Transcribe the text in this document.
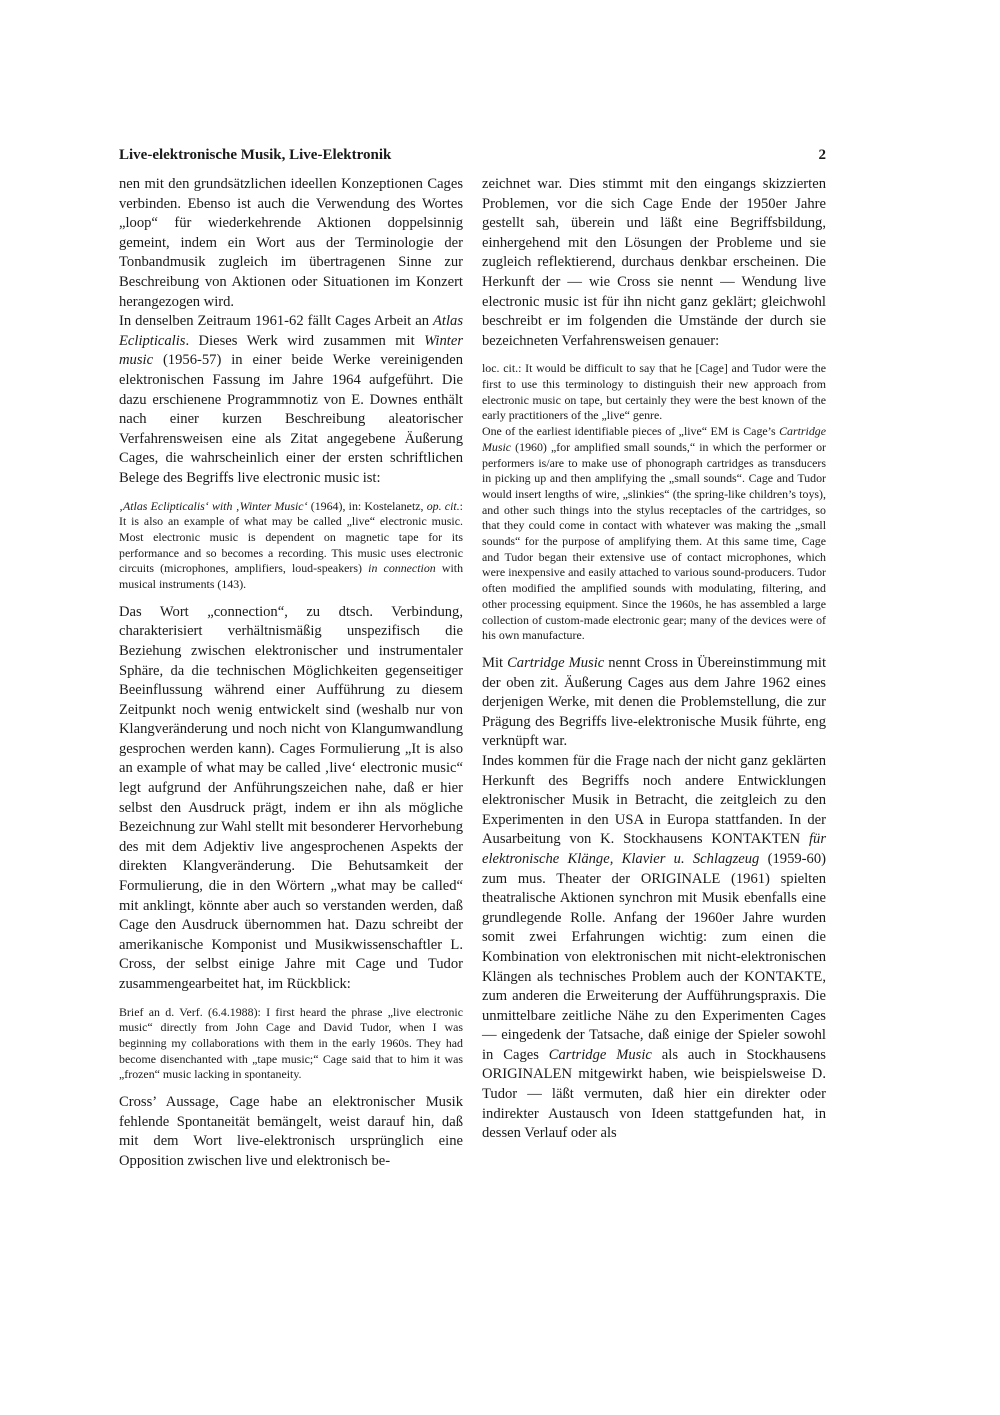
Live-elektronische Musik, Live-Elektronik	2

nen mit den grundsätzlichen ideellen Konzeptionen Cages verbinden. Ebenso ist auch die Verwendung des Wortes „loop“ für wiederkehrende Aktionen doppelsinnig gemeint, indem ein Wort aus der Terminologie der Tonbandmusik zugleich im übertragenen Sinne zur Beschreibung von Aktionen oder Situationen im Konzert herangezogen wird.

In denselben Zeitraum 1961-62 fällt Cages Arbeit an Atlas Eclipticalis. Dieses Werk wird zusammen mit Winter music (1956-57) in einer beide Werke vereinigenden elektronischen Fassung im Jahre 1964 aufgeführt. Die dazu erschienene Programmnotiz von E. Downes enthält nach einer kurzen Beschreibung aleatorischer Verfahrensweisen eine als Zitat angegebene Äußerung Cages, die wahrscheinlich einer der ersten schriftlichen Belege des Begriffs live electronic music ist:

‚Atlas Eclipticalis‘ with ‚Winter Music‘ (1964), in: Kostelanetz, op. cit.: It is also an example of what may be called „live“ electronic music. Most electronic music is dependent on magnetic tape for its performance and so becomes a recording. This music uses electronic circuits (microphones, amplifiers, loud-speakers) in connection with musical instruments (143).

Das Wort „connection“, zu dtsch. Verbindung, charakterisiert verhältnismäßig unspezifisch die Beziehung zwischen elektronischer und instrumentaler Sphäre, da die technischen Möglichkeiten gegenseitiger Beeinflussung während einer Aufführung zu diesem Zeitpunkt noch wenig entwickelt sind (weshalb nur von Klangveränderung und noch nicht von Klangumwandlung gesprochen werden kann). Cages Formulierung „It is also an example of what may be called ‚live‘ electronic music“ legt aufgrund der Anführungszeichen nahe, daß er hier selbst den Ausdruck prägt, indem er ihn als mögliche Bezeichnung zur Wahl stellt mit besonderer Hervorhebung des mit dem Adjektiv live angesprochenen Aspekts der direkten Klangveränderung. Die Behutsamkeit der Formulierung, die in den Wörtern „what may be called“ mit anklingt, könnte aber auch so verstanden werden, daß Cage den Ausdruck übernommen hat. Dazu schreibt der amerikanische Komponist und Musikwissenschaftler L. Cross, der selbst einige Jahre mit Cage und Tudor zusammengearbeitet hat, im Rückblick:

Brief an d. Verf. (6.4.1988): I first heard the phrase „live electronic music“ directly from John Cage and David Tudor, when I was beginning my collaborations with them in the early 1960s. They had become disenchanted with „tape music;“ Cage said that to him it was „frozen“ music lacking in spontaneity.

Cross’ Aussage, Cage habe an elektronischer Musik fehlende Spontaneität bemängelt, weist darauf hin, daß mit dem Wort live-elektronisch ursprünglich eine Opposition zwischen live und elektronisch be-

zeichnet war. Dies stimmt mit den eingangs skizzierten Problemen, vor die sich Cage Ende der 1950er Jahre gestellt sah, überein und läßt eine Begriffsbildung, einhergehend mit den Lösungen der Probleme und sie zugleich reflektierend, durchaus denkbar erscheinen. Die Herkunft der — wie Cross sie nennt — Wendung live electronic music ist für ihn nicht ganz geklärt; gleichwohl beschreibt er im folgenden die Umstände der durch sie bezeichneten Verfahrensweisen genauer:

loc. cit.: It would be difficult to say that he [Cage] and Tudor were the first to use this terminology to distinguish their new approach from electronic music on tape, but certainly they were the best known of the early practitioners of the „live“ genre.

One of the earliest identifiable pieces of „live“ EM is Cage’s Cartridge Music (1960) „for amplified small sounds,“ in which the performer or performers is/are to make use of phonograph cartridges as transducers in picking up and then amplifying the „small sounds“. Cage and Tudor would insert lengths of wire, „slinkies“ (the spring-like children’s toys), and other such things into the stylus receptacles of the cartridges, so that they could come in contact with whatever was making the „small sounds“ for the purpose of amplifying them. At this same time, Cage and Tudor began their extensive use of contact microphones, which were inexpensive and easily attached to various sound-producers. Tudor often modified the amplified sounds with modulating, filtering, and other processing equipment. Since the 1960s, he has assembled a large collection of custom-made electronic gear; many of the devices were of his own manufacture.

Mit Cartridge Music nennt Cross in Übereinstimmung mit der oben zit. Äußerung Cages aus dem Jahre 1962 eines derjenigen Werke, mit denen die Problemstellung, die zur Prägung des Begriffs live-elektronische Musik führte, eng verknüpft war.

Indes kommen für die Frage nach der nicht ganz geklärten Herkunft des Begriffs noch andere Entwicklungen elektronischer Musik in Betracht, die zeitgleich zu den Experimenten in den USA in Europa stattfanden. In der Ausarbeitung von K. Stockhausens KONTAKTEN für elektronische Klänge, Klavier u. Schlagzeug (1959-60) zum mus. Theater der ORIGINALE (1961) spielten theatralische Aktionen synchron mit Musik ebenfalls eine grundlegende Rolle. Anfang der 1960er Jahre wurden somit zwei Erfahrungen wichtig: zum einen die Kombination von elektronischen mit nicht-elektronischen Klängen als technisches Problem auch der KONTAKTE, zum anderen die Erweiterung der Aufführungspraxis. Die unmittelbare zeitliche Nähe zu den Experimenten Cages — eingedenk der Tatsache, daß einige der Spieler sowohl in Cages Cartridge Music als auch in Stockhausens ORIGINALEN mitgewirkt haben, wie beispielsweise D. Tudor — läßt vermuten, daß hier ein direkter oder indirekter Austausch von Ideen stattgefunden hat, in dessen Verlauf oder als
